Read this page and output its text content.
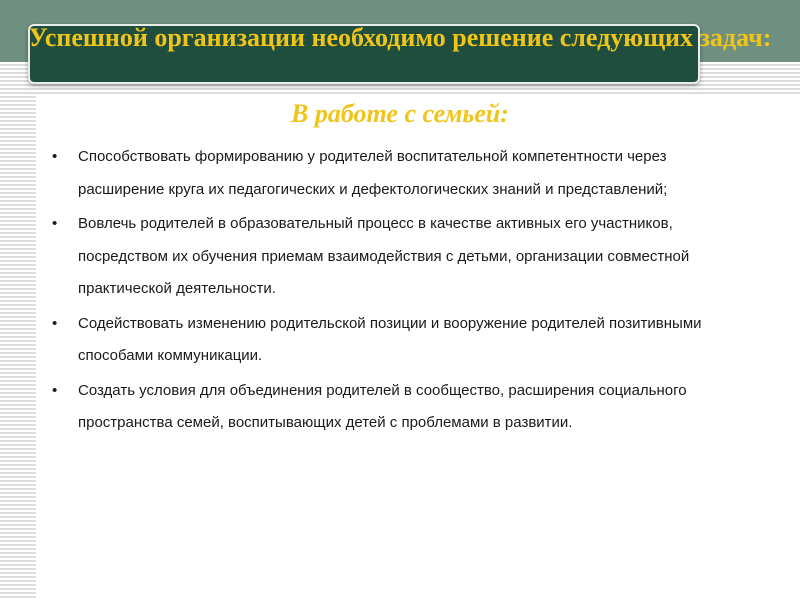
Успешной организации необходимо решение следующих задач:
В работе с семьей:
• Способствовать формированию у родителей воспитательной компетентности через расширение круга их педагогических и дефектологических знаний и представлений;
• Вовлечь родителей в образовательный процесс в качестве активных его участников, посредством их обучения приемам взаимодействия с детьми, организации совместной практической деятельности.
• Содействовать изменению родительской позиции и вооружение родителей позитивными способами коммуникации.
• Создать условия для объединения родителей в сообщество, расширения социального пространства семей, воспитывающих детей с проблемами в развитии.
